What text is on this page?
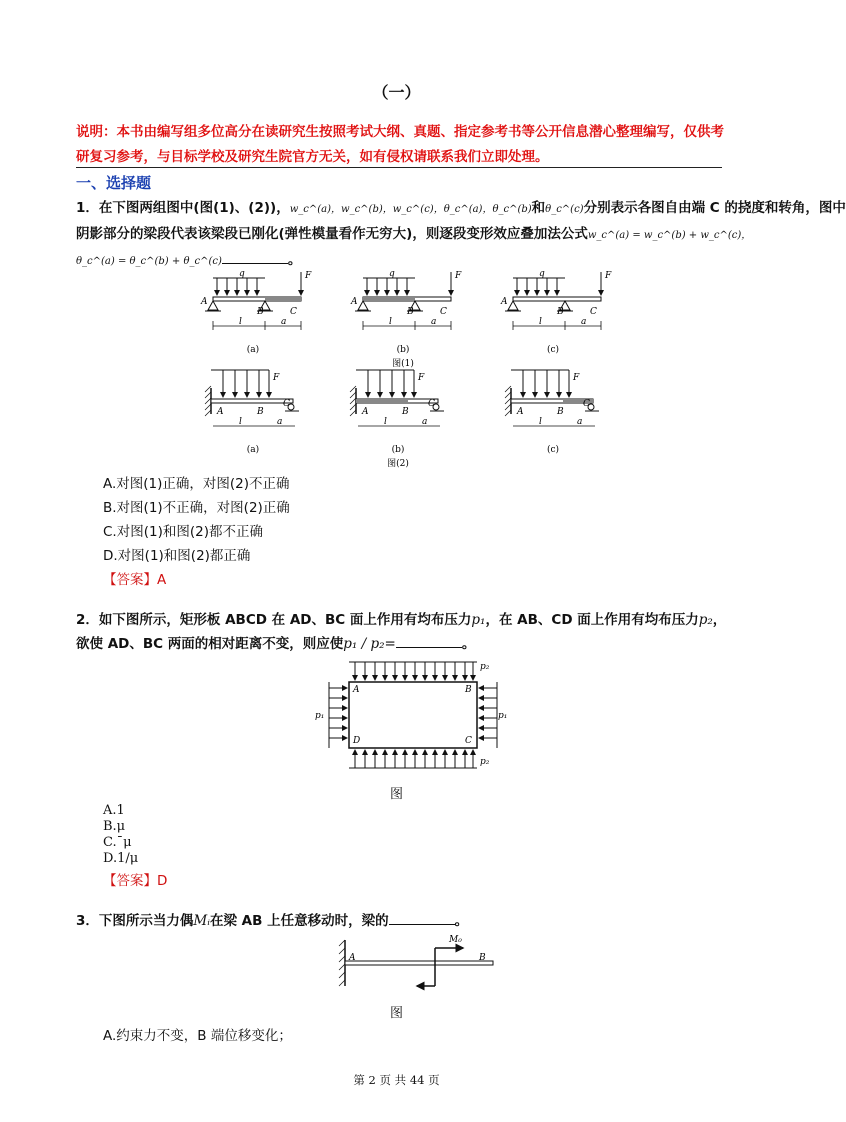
（一）
说明：本书由编写组多位高分在读研究生按照考试大纲、真题、指定参考书等公开信息潜心整理编写，仅供考研复习参考，与目标学校及研究生院官方无关，如有侵权请联系我们立即处理。
一、选择题
1．在下图两组图中(图(1)、(2))，w_c^(a)，w_c^(b)，w_c^(c)，θ_c^(a)，θ_c^(b)和θ_c^(c)分别表示各图自由端 C 的挠度和转角，图中
阴影部分的梁段代表该梁段已刚化(弹性模量看作无穷大)，则逐段变形效应叠加法公式w_c^(a) = w_c^(b) + w_c^(c)，
θ_c^(a) = θ_c^(b) + θ_c^(c)	。
q	F
A
B	C
l	a
(a)
q	F
A
B	C
l	a
(b)
图(1)
q	F
A
B	C
l	a
(c)
F
A	B
C
l	a
(a)
F
A	B
C
l	a
(b)
图(2)
F
A	B
C
l	a
(c)
A.对图(1)正确，对图(2)不正确
B.对图(1)不正确，对图(2)正确
C.对图(1)和图(2)都不正确
D.对图(1)和图(2)都正确
【答案】A
2．如下图所示，矩形板 ABCD 在 AD、BC 面上作用有均布压力p₁，在 AB、CD 面上作用有均布压力p₂，
欲使 AD、BC 两面的相对距离不变，则应使p₁ / p₂=	。
A	B
C
D
p₁	p₁
p₂
p₂
图
A.1
B.μ
C.¯μ
D.1/μ
【答案】D
3．下图所示当力偶Mᵢ在梁 AB 上任意移动时，梁的	。
A	B
M₀
图
A.约束力不变，B 端位移变化；
第 2 页 共 44 页
